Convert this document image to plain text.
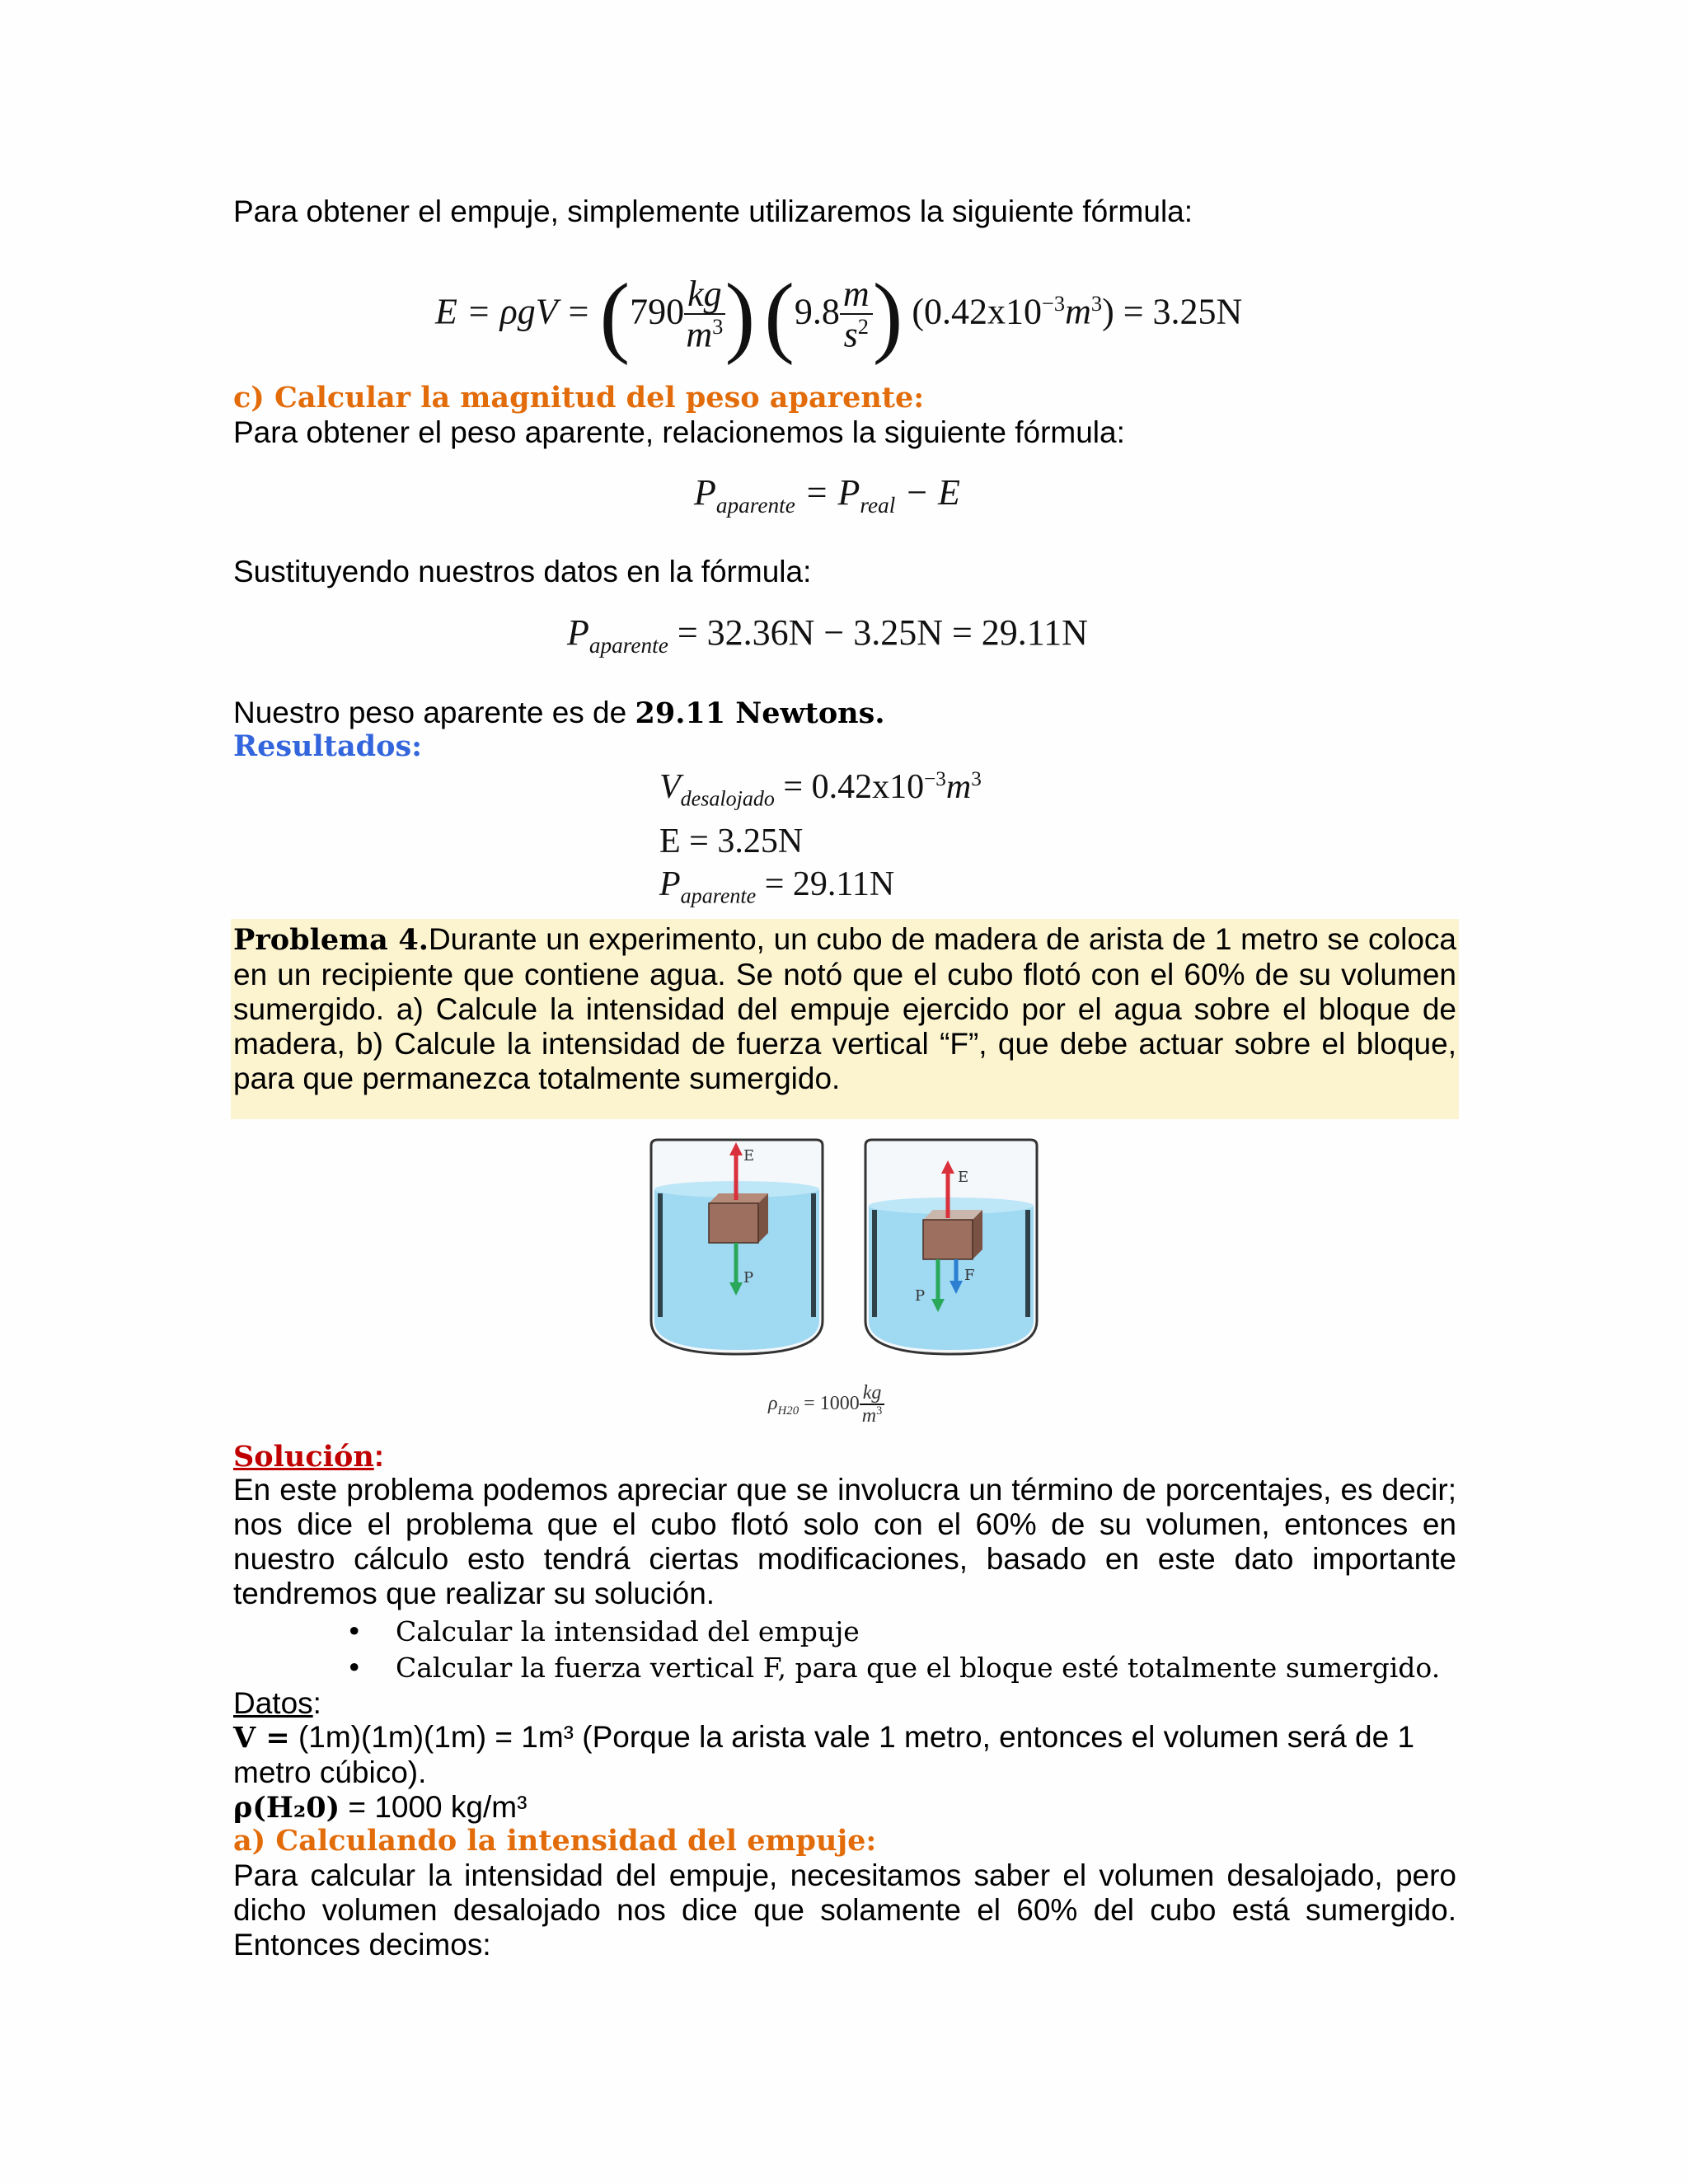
Para obtener el empuje, simplemente utilizaremos la siguiente fórmula:
$E = \rho gV = (790 \frac{kg}{m^3}$ ) ($9.8 \frac{m}{s^2}$ ) $(0.42x10^{-3}m^3) = 3.25N$
c) Calcular la magnitud del peso aparente:
Para obtener el peso aparente, relacionemos la siguiente fórmula:
$P_{aparente} = P_{real} - E$
Sustituyendo nuestros datos en la fórmula:
$P_{aparente} = 32.36N - 3.25N = 29.11N$
Nuestro peso aparente es de 29.11 Newtons.
Resultados:
$V_{desalojado} = 0.42x10^{-3}m^3$
E = 3.25N
$P_{aparente} = 29.11N$
Problema 4.Durante un experimento, un cubo de madera de arista de 1 metro se coloca en un recipiente que contiene agua. Se notó que el cubo flotó con el 60% de su volumen sumergido. a) Calcule la intensidad del empuje ejercido por el agua sobre el bloque de madera, b) Calcule la intensidad de fuerza vertical “F”, que debe actuar sobre el bloque, para que permanezca totalmente sumergido.
E
P
E
P
F
$\rho_{H20} = 1000 \frac{kg}{m^3}$
Solución:
En este problema podemos apreciar que se involucra un término de porcentajes, es decir; nos dice el problema que el cubo flotó solo con el 60% de su volumen, entonces en nuestro cálculo esto tendrá ciertas modificaciones, basado en este dato importante tendremos que realizar su solución.
• Calcular la intensidad del empuje
• Calcular la fuerza vertical F, para que el bloque esté totalmente sumergido.
Datos:
V = (1m)(1m)(1m) = 1m³ (Porque la arista vale 1 metro, entonces el volumen será de 1 metro cúbico).
ρ(H₂0) = 1000 kg/m³
a) Calculando la intensidad del empuje:
Para calcular la intensidad del empuje, necesitamos saber el volumen desalojado, pero dicho volumen desalojado nos dice que solamente el 60% del cubo está sumergido. Entonces decimos:
